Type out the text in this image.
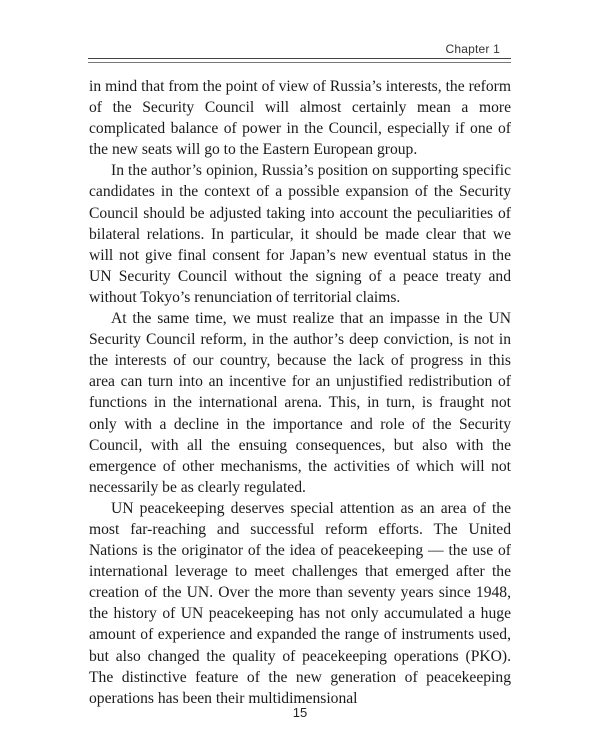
Chapter 1

in mind that from the point of view of Russia’s interests, the reform of the Security Council will almost certainly mean a more complicated balance of power in the Council, especially if one of the new seats will go to the Eastern European group.

In the author’s opinion, Russia’s position on supporting specific candidates in the context of a possible expansion of the Security Council should be adjusted taking into account the peculiarities of bilateral relations. In particular, it should be made clear that we will not give final consent for Japan’s new eventual status in the UN Security Council without the signing of a peace treaty and without Tokyo’s renunciation of territorial claims.

At the same time, we must realize that an impasse in the UN Security Council reform, in the author’s deep conviction, is not in the interests of our country, because the lack of progress in this area can turn into an incentive for an unjustified redistribution of functions in the international arena. This, in turn, is fraught not only with a decline in the importance and role of the Security Council, with all the ensuing consequences, but also with the emergence of other mechanisms, the activities of which will not necessarily be as clearly regulated.

UN peacekeeping deserves special attention as an area of the most far-reaching and successful reform efforts. The United Nations is the originator of the idea of peacekeeping — the use of international leverage to meet challenges that emerged after the creation of the UN. Over the more than seventy years since 1948, the history of UN peacekeeping has not only accumulated a huge amount of experience and expanded the range of instruments used, but also changed the quality of peacekeeping operations (PKO). The distinctive feature of the new generation of peacekeeping operations has been their multidimensional

15
